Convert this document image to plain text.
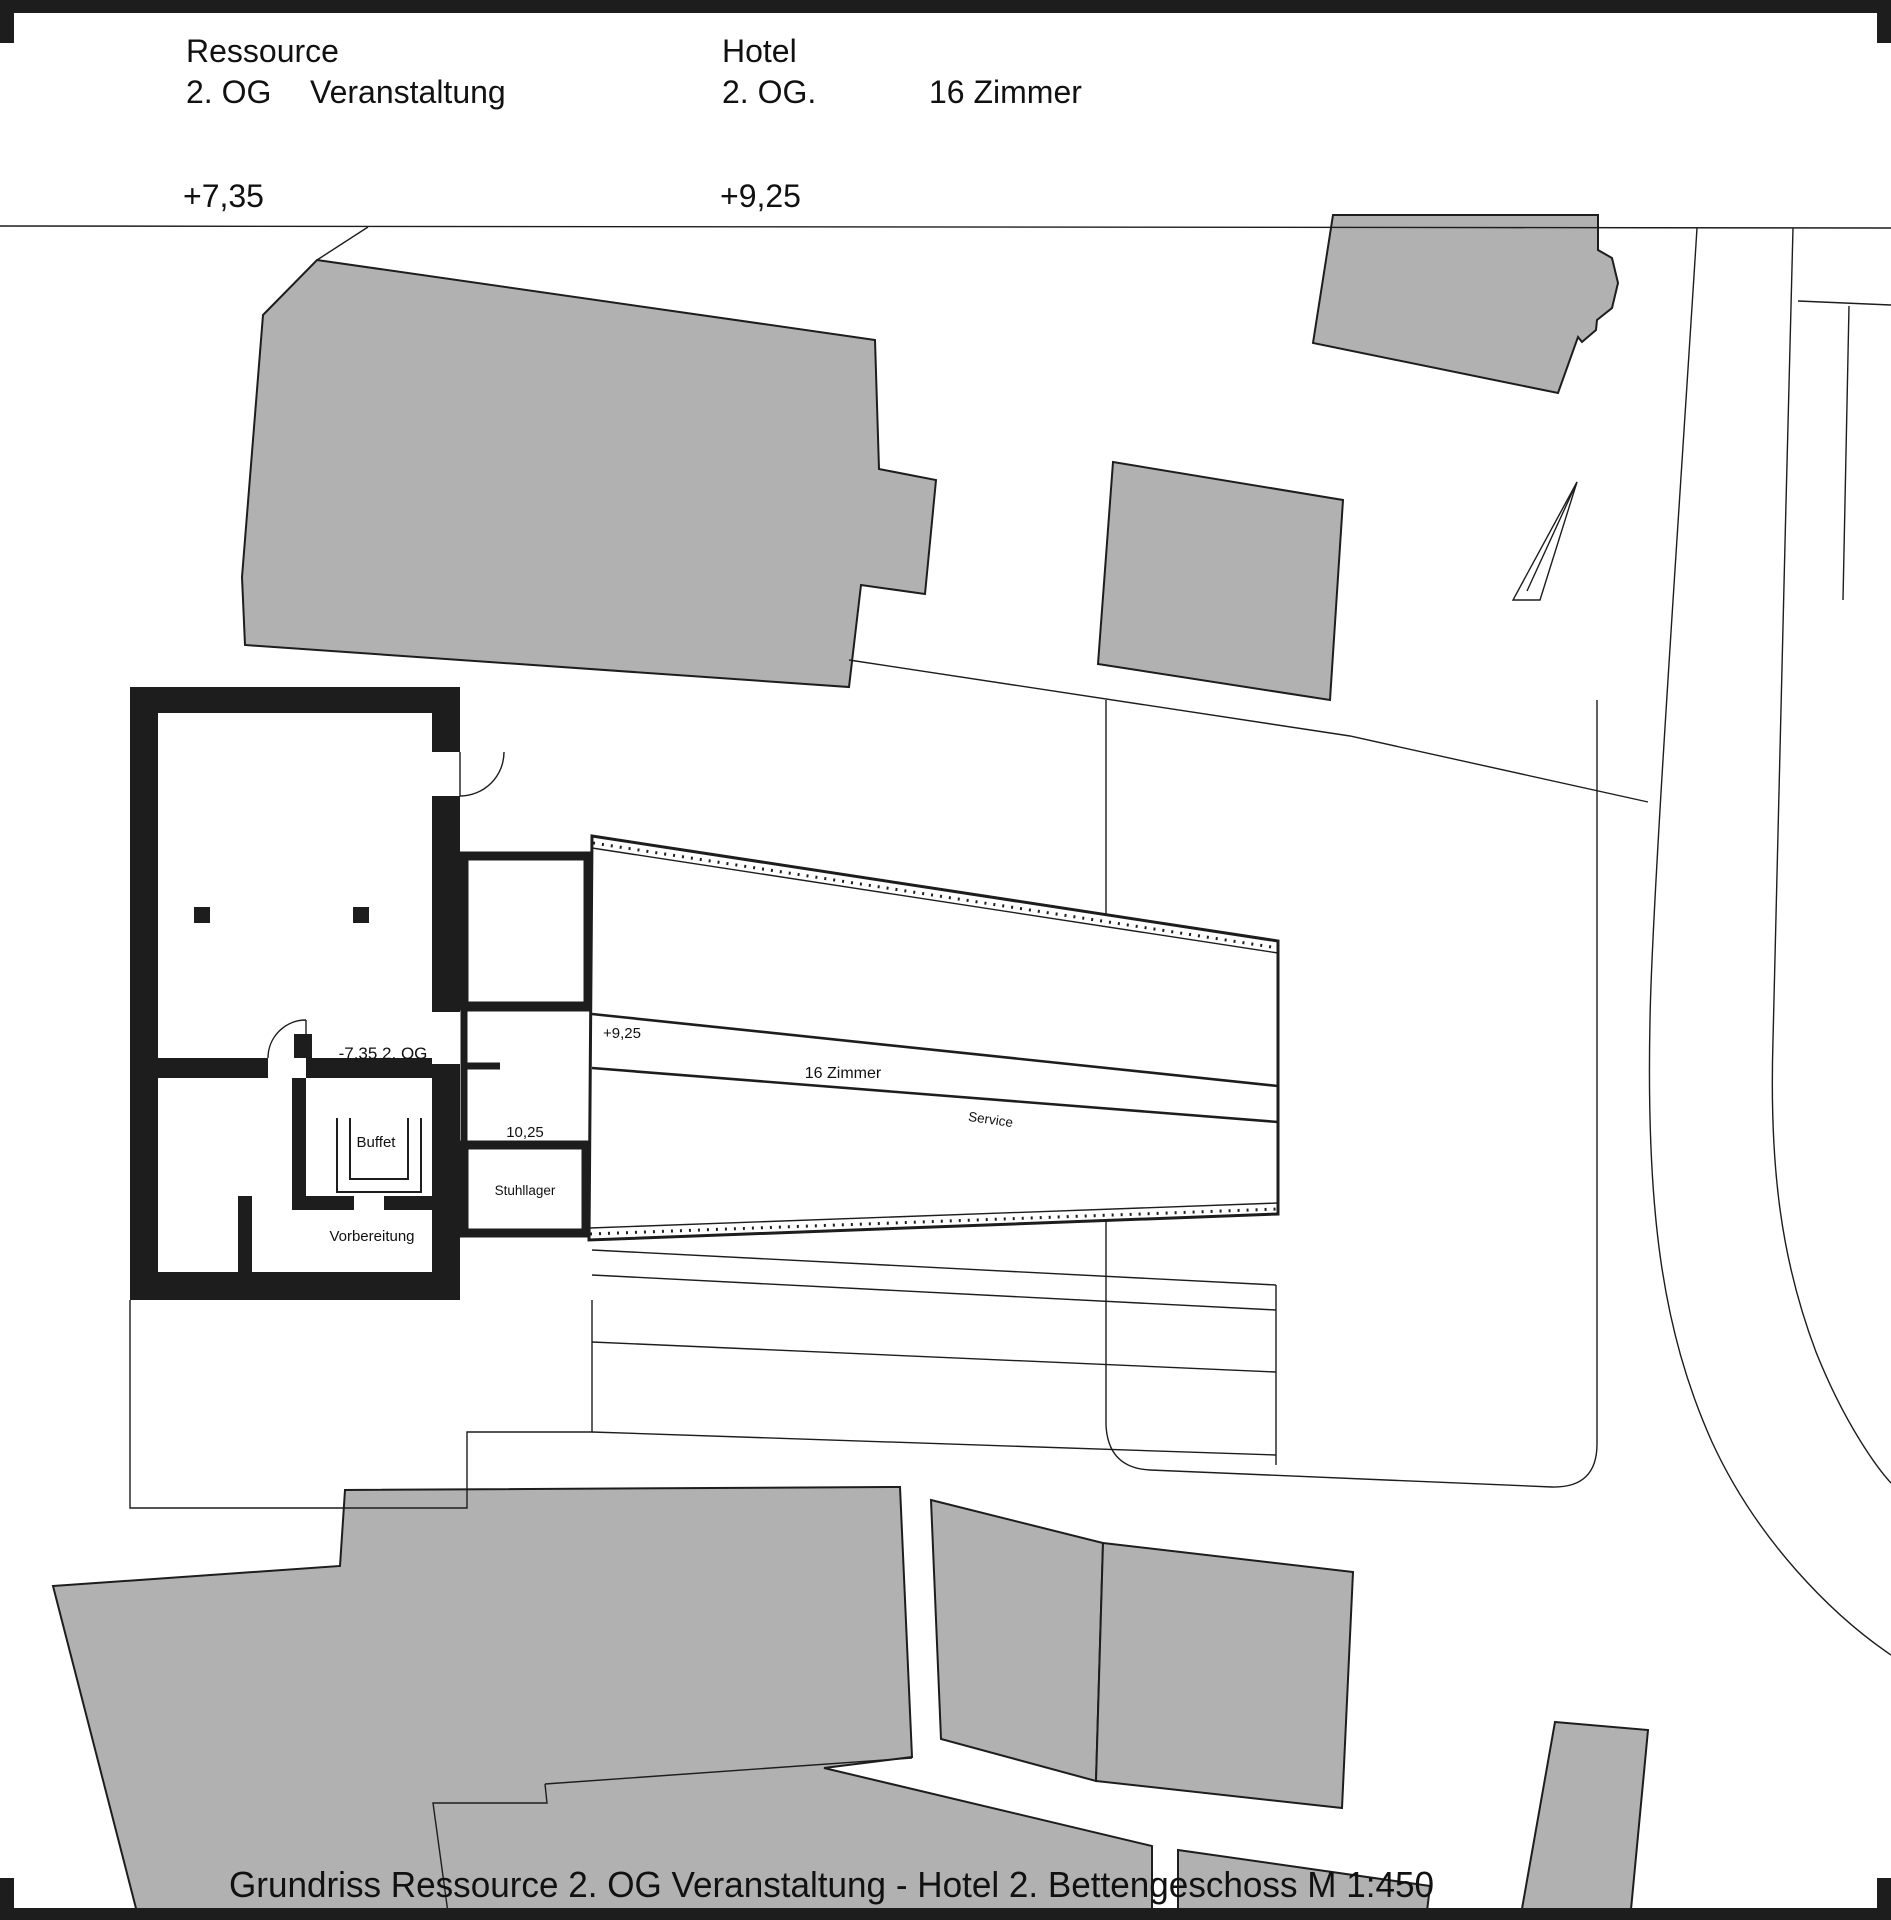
-7,35 2. OG
Buffet
Vorbereitung
10,25
Stuhllager
+9,25
16 Zimmer
Service
Ressource
2. OG Veranstaltung
+7,35
Hotel
2. OG.	16 Zimmer
+9,25
Grundriss Ressource 2. OG Veranstaltung - Hotel 2. Bettengeschoss M 1:450
